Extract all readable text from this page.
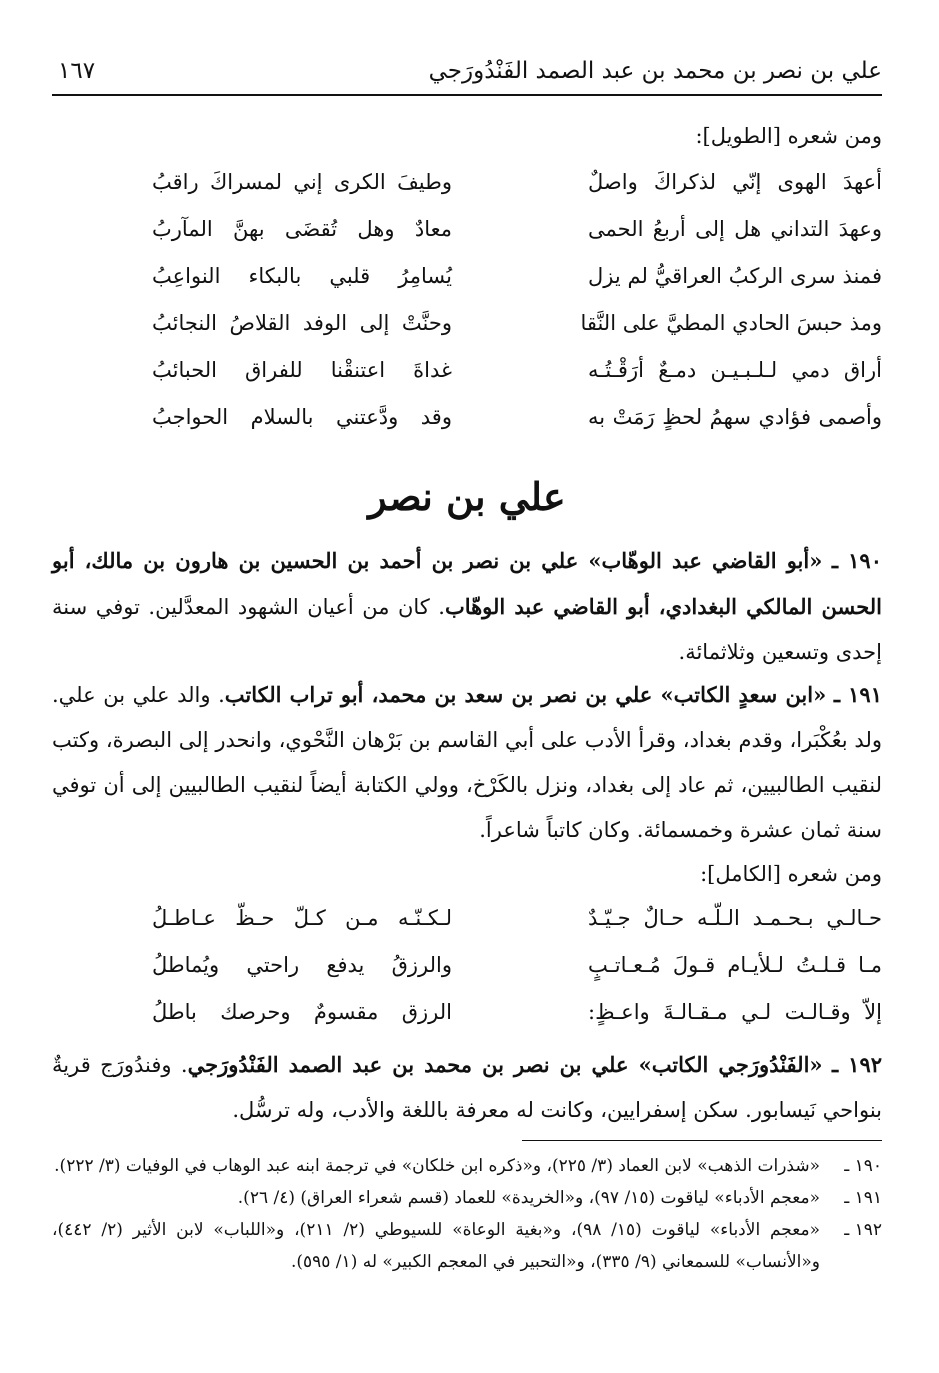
علي بن نصر بن محمد بن عبد الصمد الفَنْدُورَجي
١٦٧
ومن شعره [الطويل]:
أعهدَ الهوى إنّي لذكراكَ واصلٌ
وطيفَ الكرى إني لمسراكَ راقبُ
وعهدَ التداني هل إلى أربعُ الحمى
معادٌ وهل تُقضَى بهنَّ المآربُ
فمنذ سرى الركبُ العراقيُّ لم يزل
يُسامِرُ قلبي بالبكاء النواعِبُ
ومذ حبسَ الحادي المطيَّ على النَّقا
وحنَّتْ إلى الوفد القلاصُ النجائبُ
أراق دمي لـلـبـيـن دمـعٌ أرَقْـتُـه
غداةَ اعتنقْنا للفراق الحبائبُ
وأصمى فؤادي سهمُ لحظٍ رَمَتْ به
وقد ودَّعتني بالسلام الحواجبُ
علي بن نصر
١٩٠ ـ «أبو القاضي عبد الوهّاب» علي بن نصر بن أحمد بن الحسين بن هارون بن مالك، أبو الحسن المالكي البغدادي، أبو القاضي عبد الوهّاب. كان من أعيان الشهود المعدَّلين. توفي سنة إحدى وتسعين وثلاثمائة.
١٩١ ـ «ابن سعدٍ الكاتب» علي بن نصر بن سعد بن محمد، أبو تراب الكاتب. والد علي بن علي. ولد بعُكْبَرا، وقدم بغداد، وقرأ الأدب على أبي القاسم بن بَرْهان النَّحْوي، وانحدر إلى البصرة، وكتب لنقيب الطالبيين، ثم عاد إلى بغداد، ونزل بالكَرْخ، وولي الكتابة أيضاً لنقيب الطالبيين إلى أن توفي سنة ثمان عشرة وخمسمائة. وكان كاتباً شاعراً.
ومن شعره [الكامل]:
حـالـي بـحـمـد الـلّـه حـالٌ جـيّـدٌ
لـكـنّـه مـن كـلّ حـظّ عـاطـلُ
مـا قـلـتُ لـلأيـام قـولَ مُـعـاتـبٍ
والرزقُ يدفع راحتي ويُماطلُ
إلاّ وقـالـت لـي مـقـالـةَ واعـظٍ:
الرزق مقسومٌ وحرصك باطلُ
١٩٢ ـ «الفَنْدُورَجي الكاتب» علي بن نصر بن محمد بن عبد الصمد الفَنْدُورَجي. وفندُورَج قريةٌ بنواحي نَيسابور. سكن إسفرايين، وكانت له معرفة باللغة والأدب، وله ترسُّل.
١٩٠ ـ
«شذرات الذهب» لابن العماد (٣/ ٢٢٥)، و«ذكره ابن خلكان» في ترجمة ابنه عبد الوهاب في الوفيات (٣/ ٢٢٢).
١٩١ ـ
«معجم الأدباء» لياقوت (١٥/ ٩٧)، و«الخريدة» للعماد (قسم شعراء العراق) (٤/ ٢٦).
١٩٢ ـ
«معجم الأدباء» لياقوت (١٥/ ٩٨)، و«بغية الوعاة» للسيوطي (٢/ ٢١١)، و«اللباب» لابن الأثير (٢/ ٤٤٢)، و«الأنساب» للسمعاني (٩/ ٣٣٥)، و«التحبير في المعجم الكبير» له (١/ ٥٩٥).
